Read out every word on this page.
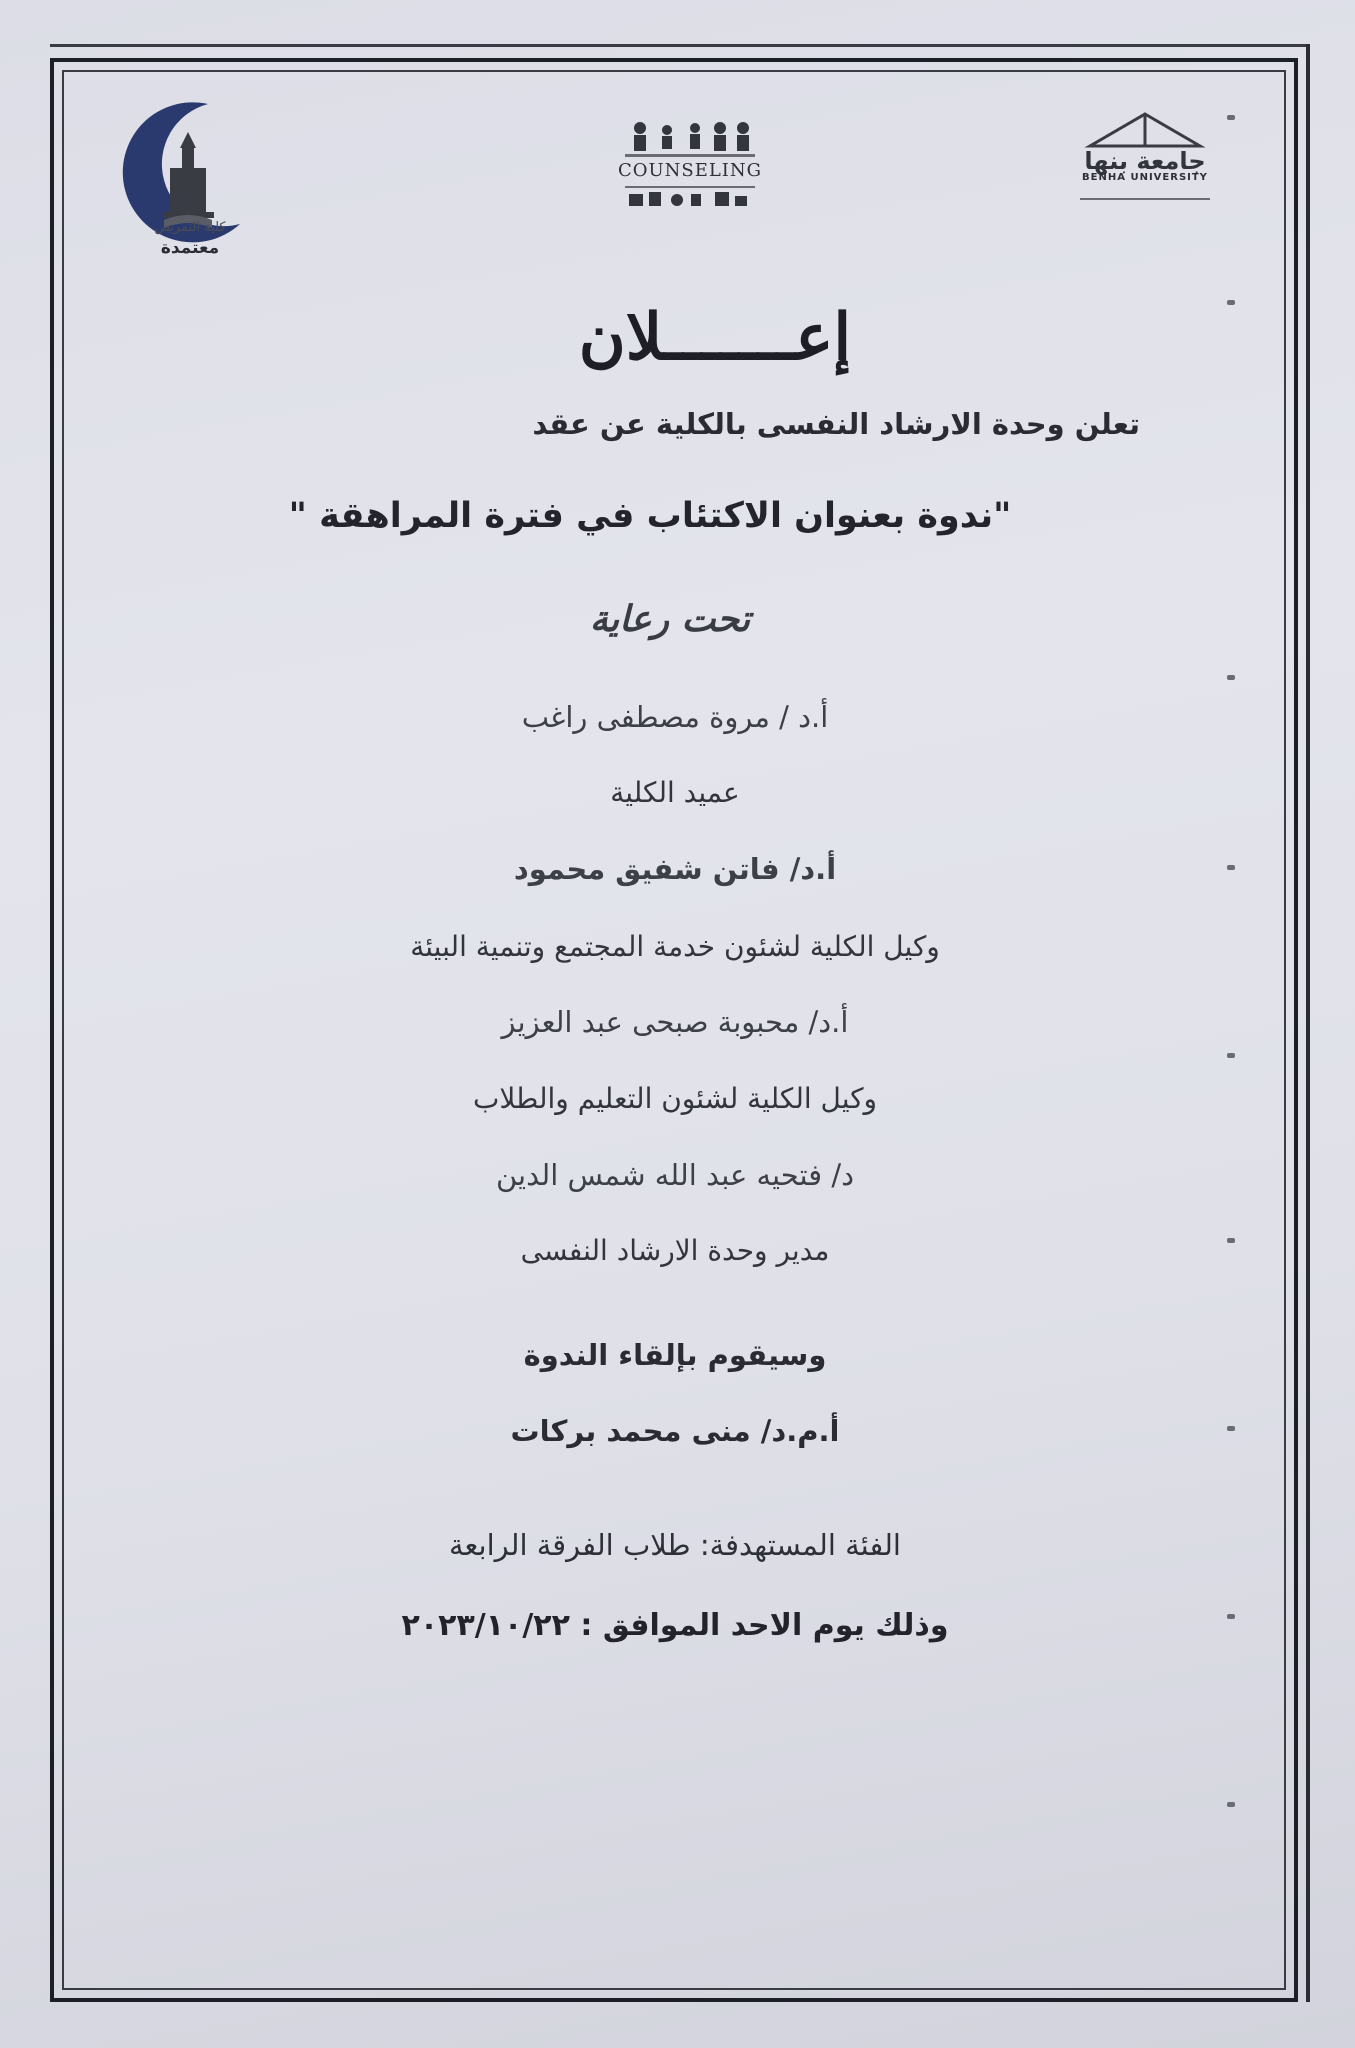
كلية التمريض
معتمدة
COUNSELING	جامعة بنها
BENHA UNIVERSITY
إعـــــــلان
تعلن وحدة الارشاد النفسى بالكلية عن عقد
"ندوة بعنوان الاكتئاب في فترة المراهقة "
تحت رعاية
أ.د / مروة مصطفى راغب
عميد الكلية
أ.د/ فاتن شفيق محمود
وكيل الكلية لشئون خدمة المجتمع وتنمية البيئة
أ.د/ محبوبة صبحى عبد العزيز
وكيل الكلية لشئون التعليم والطلاب
د/ فتحيه عبد الله شمس الدين
مدير وحدة الارشاد النفسى
وسيقوم بإلقاء الندوة
أ.م.د/ منى محمد بركات
الفئة المستهدفة: طلاب الفرقة الرابعة
وذلك يوم الاحد الموافق : ٢٠٢٣/١٠/٢٢
